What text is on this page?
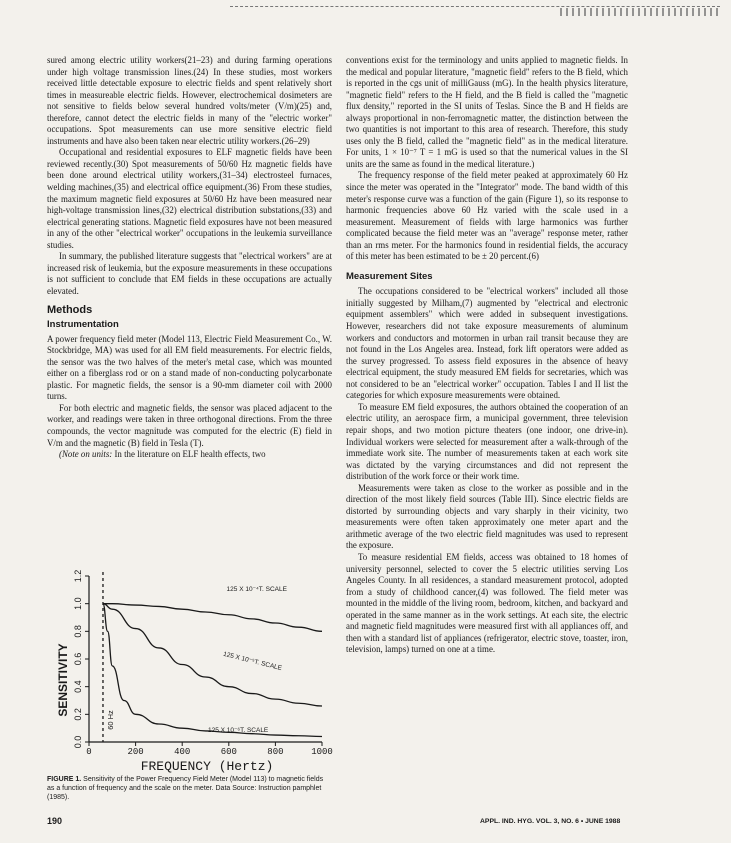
sured among electric utility workers(21–23) and during farming operations under high voltage transmission lines.(24) In these studies, most workers received little detectable exposure to electric fields and spent relatively short times in measureable electric fields. However, electrochemical dosimeters are not sensitive to fields below several hundred volts/meter (V/m)(25) and, therefore, cannot detect the electric fields in many of the "electric worker" occupations. Spot measurements can use more sensitive electric field instruments and have also been taken near electric utility workers.(26–29)

Occupational and residential exposures to ELF magnetic fields have been reviewed recently.(30) Spot measurements of 50/60 Hz magnetic fields have been done around electrical utility workers,(31–34) electrosteel furnaces, welding machines,(35) and electrical office equipment.(36) From these studies, the maximum magnetic field exposures at 50/60 Hz have been measured near high-voltage transmission lines,(32) electrical distribution substations,(33) and electrical generating stations. Magnetic field exposures have not been measured in any of the other "electrical worker" occupations in the leukemia surveillance studies.

In summary, the published literature suggests that "electrical workers" are at increased risk of leukemia, but the exposure measurements in these occupations is not sufficient to conclude that EM fields in these occupations are actually elevated.

Methods
Instrumentation

A power frequency field meter (Model 113, Electric Field Measurement Co., W. Stockbridge, MA) was used for all EM field measurements. For electric fields, the sensor was the two halves of the meter's metal case, which was mounted either on a fiberglass rod or on a stand made of non-conducting polycarbonate plastic. For magnetic fields, the sensor is a 90-mm diameter coil with 2000 turns.

For both electric and magnetic fields, the sensor was placed adjacent to the worker, and readings were taken in three orthogonal directions. From the three compounds, the vector magnitude was computed for the electric (E) field in V/m and the magnetic (B) field in Tesla (T).

(Note on units: In the literature on ELF health effects, two

conventions exist for the terminology and units applied to magnetic fields. In the medical and popular literature, "magnetic field" refers to the B field, which is reported in the cgs unit of milliGauss (mG). In the health physics literature, "magnetic field" refers to the H field, and the B field is called the "magnetic flux density," reported in the SI units of Teslas. Since the B and H fields are always proportional in non-ferromagnetic matter, the distinction between the two quantities is not important to this area of research. Therefore, this study uses only the B field, called the "magnetic field" as in the medical literature. For units, 1 × 10⁻⁷ T = 1 mG is used so that the numerical values in the SI units are the same as found in the medical literature.)

The frequency response of the field meter peaked at approximately 60 Hz since the meter was operated in the "Integrator" mode. The band width of this meter's response curve was a function of the gain (Figure 1), so its response to harmonic frequencies above 60 Hz varied with the scale used in a measurement. Measurement of fields with large harmonics was further complicated because the field meter was an "average" response meter, rather than an rms meter. For the harmonics found in residential fields, the accuracy of this meter has been estimated to be ± 20 percent.(6)

Measurement Sites

The occupations considered to be "electrical workers" included all those initially suggested by Milham,(7) augmented by "electrical and electronic equipment assemblers" which were added in subsequent investigations. However, researchers did not take exposure measurements of aluminum workers and conductors and motormen in urban rail transit because they are not found in the Los Angeles area. Instead, fork lift operators were added as the survey progressed. To assess field exposures in the absence of heavy electrical equipment, the study measured EM fields for secretaries, which was not considered to be an "electrical worker" occupation. Tables I and II list the categories for which exposure measurements were obtained.

To measure EM field exposures, the authors obtained the cooperation of an electric utility, an aerospace firm, a municipal government, three television repair shops, and two motion picture theaters (one indoor, one drive-in). Individual workers were selected for measurement after a walk-through of the immediate work site. The number of measurements taken at each work site was dictated by the varying circumstances and did not represent the distribution of the work force or their work time.

Measurements were taken as close to the worker as possible and in the direction of the most likely field sources (Table III). Since electric fields are distorted by surrounding objects and vary sharply in their vicinity, two measurements were often taken approximately one meter apart and the arithmetic average of the two electric field magnitudes was used to represent the exposure.

To measure residential EM fields, access was obtained to 18 homes of university personnel, selected to cover the 5 electric utilities serving Los Angeles County. In all residences, a standard measurement protocol, adopted from a study of childhood cancer,(4) was followed. The field meter was mounted in the middle of the living room, bedroom, kitchen, and backyard and operated in the same manner as in the work settings. At each site, the electric and magnetic field magnitudes were measured first with all appliances off, and then with a standard list of appliances (refrigerator, electric stove, toaster, iron, television, lamps) turned on one at a time.

SENSITIVITY
FREQUENCY (Hertz)
0.0
0.2
0.4
0.6
0.8
1.0
1.2
0	200	400	600	800	1000
60 Hz
125 X 10⁻⁴T. SCALE
125 X 10⁻⁵T. SCALE
125 X 10⁻⁶T. SCALE
FIGURE 1. Sensitivity of the Power Frequency Field Meter (Model 113) to magnetic fields as a function of frequency and the scale on the meter. Data Source: Instruction pamphlet (1985).
190	APPL. IND. HYG. VOL. 3, NO. 6 • JUNE 1988
